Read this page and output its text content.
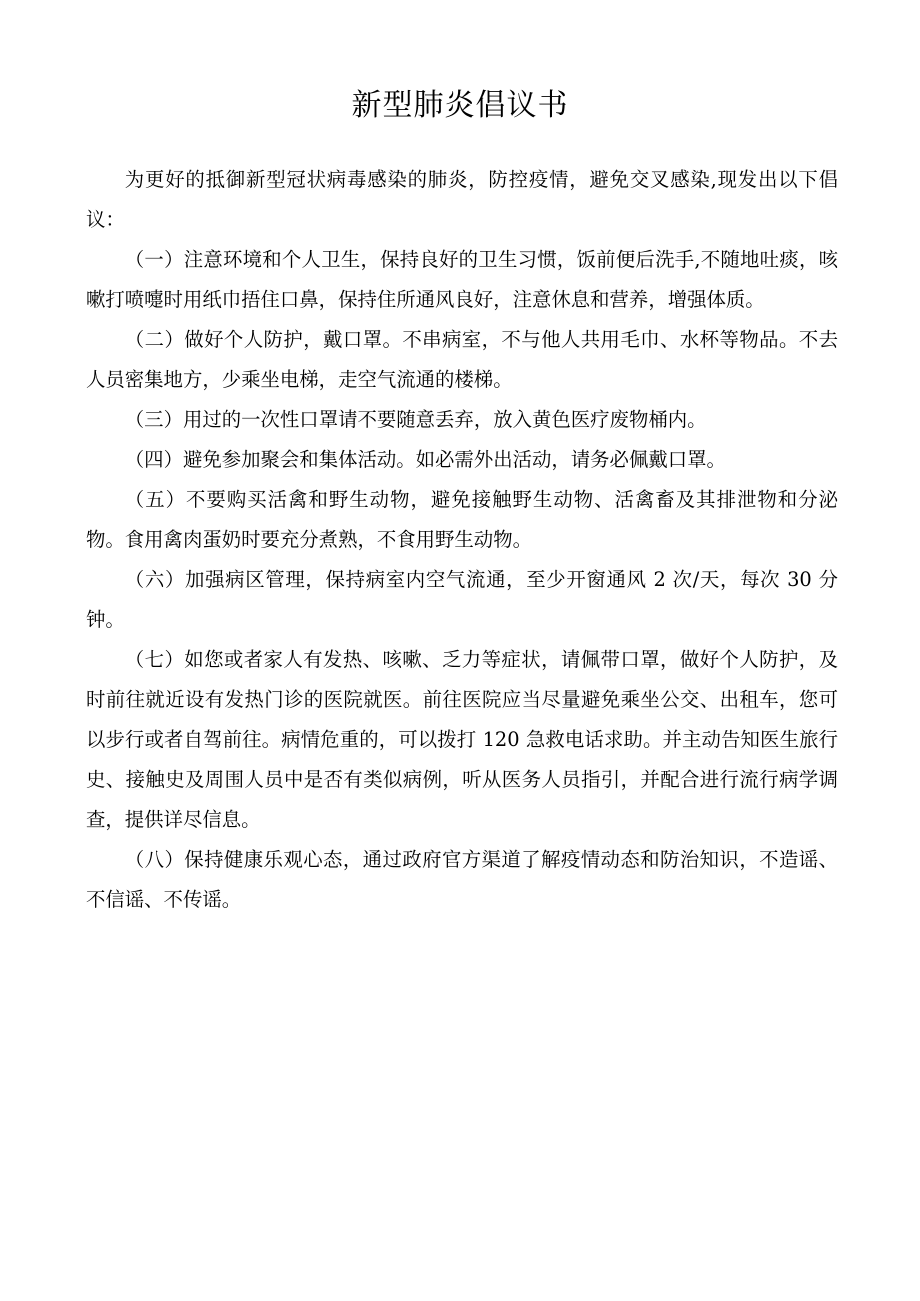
新型肺炎倡议书

为更好的抵御新型冠状病毒感染的肺炎，防控疫情，避免交叉感染,现发出以下倡议：

（一）注意环境和个人卫生，保持良好的卫生习惯，饭前便后洗手,不随地吐痰，咳嗽打喷嚏时用纸巾捂住口鼻，保持住所通风良好，注意休息和营养，增强体质。

（二）做好个人防护，戴口罩。不串病室，不与他人共用毛巾、水杯等物品。不去人员密集地方，少乘坐电梯，走空气流通的楼梯。

（三）用过的一次性口罩请不要随意丢弃，放入黄色医疗废物桶内。

（四）避免参加聚会和集体活动。如必需外出活动，请务必佩戴口罩。

（五）不要购买活禽和野生动物，避免接触野生动物、活禽畜及其排泄物和分泌物。食用禽肉蛋奶时要充分煮熟，不食用野生动物。

（六）加强病区管理，保持病室内空气流通，至少开窗通风 2 次/天，每次 30 分钟。

（七）如您或者家人有发热、咳嗽、乏力等症状，请佩带口罩，做好个人防护，及时前往就近设有发热门诊的医院就医。前往医院应当尽量避免乘坐公交、出租车，您可以步行或者自驾前往。病情危重的，可以拨打 120 急救电话求助。并主动告知医生旅行史、接触史及周围人员中是否有类似病例，听从医务人员指引，并配合进行流行病学调查，提供详尽信息。

（八）保持健康乐观心态，通过政府官方渠道了解疫情动态和防治知识，不造谣、不信谣、不传谣。
